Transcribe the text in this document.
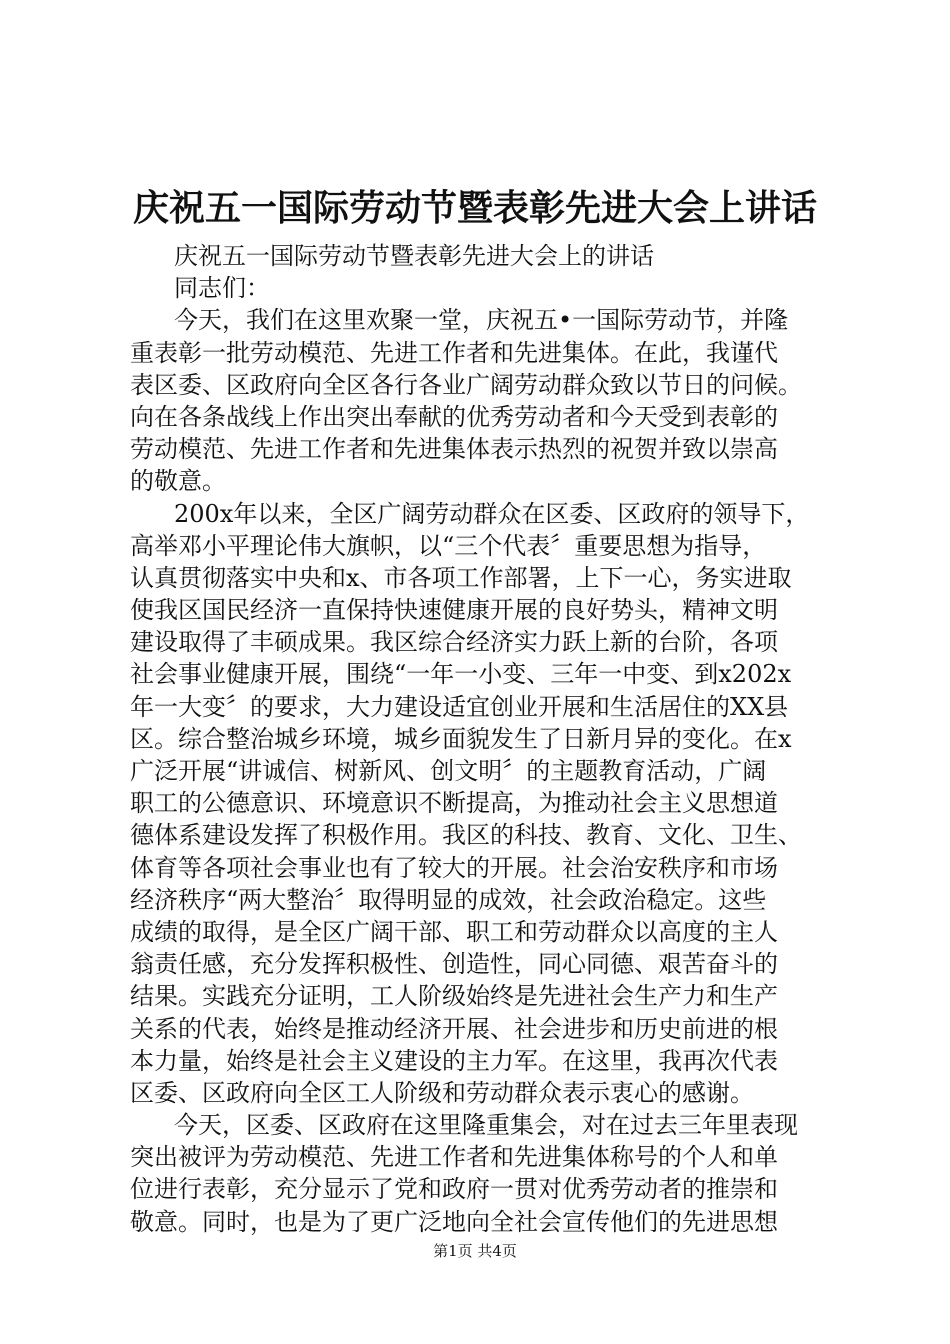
庆祝五一国际劳动节暨表彰先进大会上讲话
庆祝五一国际劳动节暨表彰先进大会上的讲话
同志们：
今天，我们在这里欢聚一堂，庆祝五•一国际劳动节，并隆
重表彰一批劳动模范、先进工作者和先进集体。在此，我谨代
表区委、区政府向全区各行各业广阔劳动群众致以节日的问候。
向在各条战线上作出突出奉献的优秀劳动者和今天受到表彰的
劳动模范、先进工作者和先进集体表示热烈的祝贺并致以崇高
的敬意。
200x年以来，全区广阔劳动群众在区委、区政府的领导下，
高举邓小平理论伟大旗帜，以“三个代表〞重要思想为指导，
认真贯彻落实中央和x、市各项工作部署，上下一心，务实进取
使我区国民经济一直保持快速健康开展的良好势头，精神文明
建设取得了丰硕成果。我区综合经济实力跃上新的台阶，各项
社会事业健康开展，围绕“一年一小变、三年一中变、到x202x
年一大变〞的要求，大力建设适宜创业开展和生活居住的XX县
区。综合整治城乡环境，城乡面貌发生了日新月异的变化。在x
广泛开展“讲诚信、树新风、创文明〞的主题教育活动，广阔
职工的公德意识、环境意识不断提高，为推动社会主义思想道
德体系建设发挥了积极作用。我区的科技、教育、文化、卫生、
体育等各项社会事业也有了较大的开展。社会治安秩序和市场
经济秩序“两大整治〞取得明显的成效，社会政治稳定。这些
成绩的取得，是全区广阔干部、职工和劳动群众以高度的主人
翁责任感，充分发挥积极性、创造性，同心同德、艰苦奋斗的
结果。实践充分证明，工人阶级始终是先进社会生产力和生产
关系的代表，始终是推动经济开展、社会进步和历史前进的根
本力量，始终是社会主义建设的主力军。在这里，我再次代表
区委、区政府向全区工人阶级和劳动群众表示衷心的感谢。
今天，区委、区政府在这里隆重集会，对在过去三年里表现
突出被评为劳动模范、先进工作者和先进集体称号的个人和单
位进行表彰，充分显示了党和政府一贯对优秀劳动者的推崇和
敬意。同时，也是为了更广泛地向全社会宣传他们的先进思想
第1页 共4页
